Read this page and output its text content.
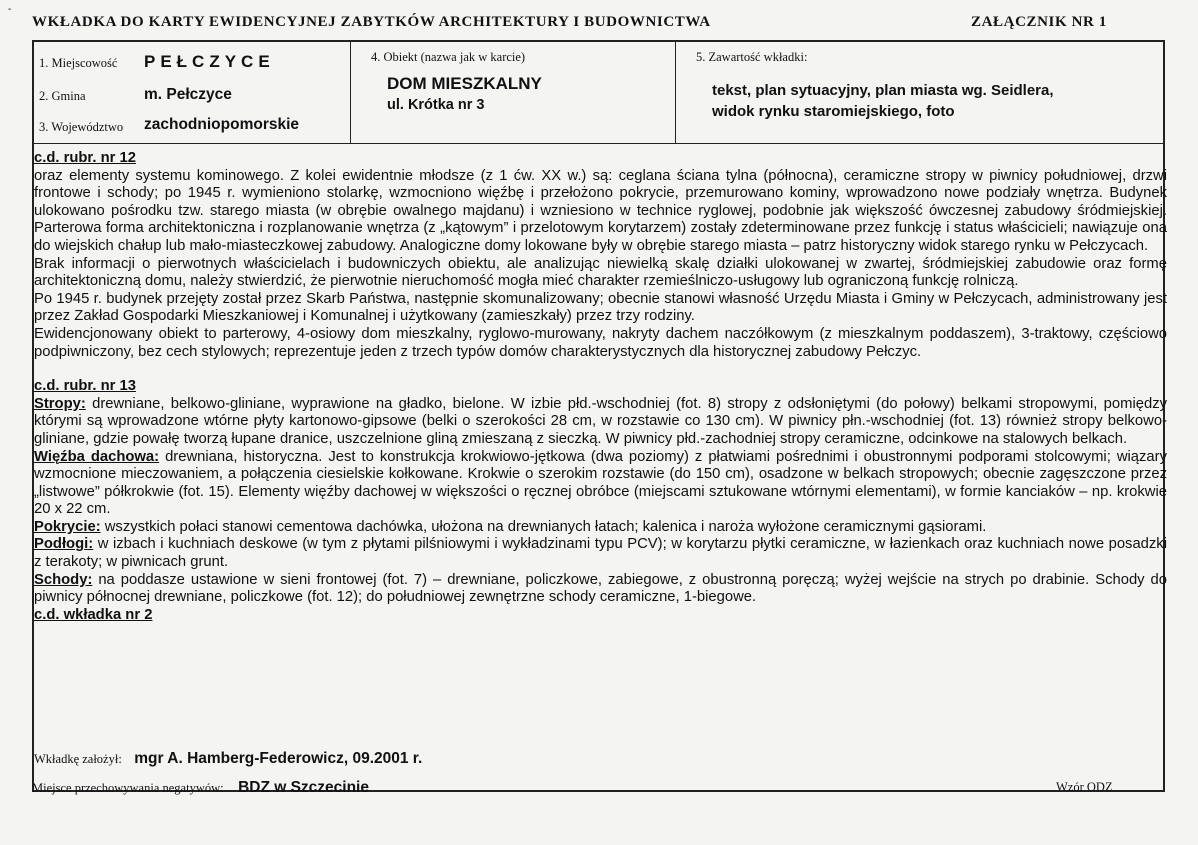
-
WKŁADKA DO KARTY EWIDENCYJNEJ ZABYTKÓW ARCHITEKTURY I BUDOWNICTWA	ZAŁĄCZNIK NR 1
1. Miejscowość PEŁCZYCE
2. Gmina	m. Pełczyce
3. Województwo zachodniopomorskie
4. Obiekt (nazwa jak w karcie)
DOM MIESZKALNY
ul. Krótka nr 3
5. Zawartość wkładki:
tekst, plan sytuacyjny, plan miasta wg. Seidlera,
widok rynku staromiejskiego, foto

c.d. rubr. nr 12

oraz elementy systemu kominowego. Z kolei ewidentnie młodsze (z 1 ćw. XX w.) są: ceglana ściana tylna (północna), ceramiczne stropy w piwnicy południowej, drzwi frontowe i schody; po 1945 r. wymieniono stolarkę, wzmocniono więźbę i przełożono pokrycie, przemurowano kominy, wprowadzono nowe podziały wnętrza. Budynek ulokowano pośrodku tzw. starego miasta (w obrębie owalnego majdanu) i wzniesiono w technice ryglowej, podobnie jak większość ówczesnej zabudowy śródmiejskiej. Parterowa forma architektoniczna i rozplanowanie wnętrza (z „kątowym” i przelotowym korytarzem) zostały zdeterminowane przez funkcję i status właścicieli; nawiązuje ona do wiejskich chałup lub mało-miasteczkowej zabudowy. Analogiczne domy lokowane były w obrębie starego miasta – patrz historyczny widok starego rynku w Pełczycach.

Brak informacji o pierwotnych właścicielach i budowniczych obiektu, ale analizując niewielką skalę działki ulokowanej w zwartej, śródmiejskiej zabudowie oraz formę architektoniczną domu, należy stwierdzić, że pierwotnie nieruchomość mogła mieć charakter rzemieślniczo-usługowy lub ograniczoną funkcję rolniczą.

Po 1945 r. budynek przejęty został przez Skarb Państwa, następnie skomunalizowany; obecnie stanowi własność Urzędu Miasta i Gminy w Pełczycach, administrowany jest przez Zakład Gospodarki Mieszkaniowej i Komunalnej i użytkowany (zamieszkały) przez trzy rodziny.

Ewidencjonowany obiekt to parterowy, 4-osiowy dom mieszkalny, ryglowo-murowany, nakryty dachem naczółkowym (z mieszkalnym poddaszem), 3-traktowy, częściowo podpiwniczony, bez cech stylowych; reprezentuje jeden z trzech typów domów charakterystycznych dla historycznej zabudowy Pełczyc.

c.d. rubr. nr 13

Stropy: drewniane, belkowo-gliniane, wyprawione na gładko, bielone. W izbie płd.-wschodniej (fot. 8) stropy z odsłoniętymi (do połowy) belkami stropowymi, pomiędzy którymi są wprowadzone wtórne płyty kartonowo-gipsowe (belki o szerokości 28 cm, w rozstawie co 130 cm). W piwnicy płn.-wschodniej (fot. 13) również stropy belkowo-gliniane, gdzie powałę tworzą łupane dranice, uszczelnione gliną zmieszaną z sieczką. W piwnicy płd.-zachodniej stropy ceramiczne, odcinkowe na stalowych belkach.

Więźba dachowa: drewniana, historyczna. Jest to konstrukcja krokwiowo-jętkowa (dwa poziomy) z płatwiami pośrednimi i obustronnymi podporami stolcowymi; wiązary wzmocnione mieczowaniem, a połączenia ciesielskie kołkowane. Krokwie o szerokim rozstawie (do 150 cm), osadzone w belkach stropowych; obecnie zagęszczone przez „listwowe” półkrokwie (fot. 15). Elementy więźby dachowej w większości o ręcznej obróbce (miejscami sztukowane wtórnymi elementami), w formie kanciaków – np. krokwie 20 x 22 cm.

Pokrycie: wszystkich połaci stanowi cementowa dachówka, ułożona na drewnianych łatach; kalenica i naroża wyłożone ceramicznymi gąsiorami.

Podłogi: w izbach i kuchniach deskowe (w tym z płytami pilśniowymi i wykładzinami typu PCV); w korytarzu płytki ceramiczne, w łazienkach oraz kuchniach nowe posadzki z terakoty; w piwnicach grunt.

Schody: na poddasze ustawione w sieni frontowej (fot. 7) – drewniane, policzkowe, zabiegowe, z obustronną poręczą; wyżej wejście na strych po drabinie. Schody do piwnicy północnej drewniane, policzkowe (fot. 12); do południowej zewnętrzne schody ceramiczne, 1-biegowe.

c.d. wkładka nr 2

Wkładkę założył: mgr A. Hamberg-Federowicz, 09.2001 r.
Miejsce przechowywania negatywów: BDZ w Szczecinie	Wzór ODZ
